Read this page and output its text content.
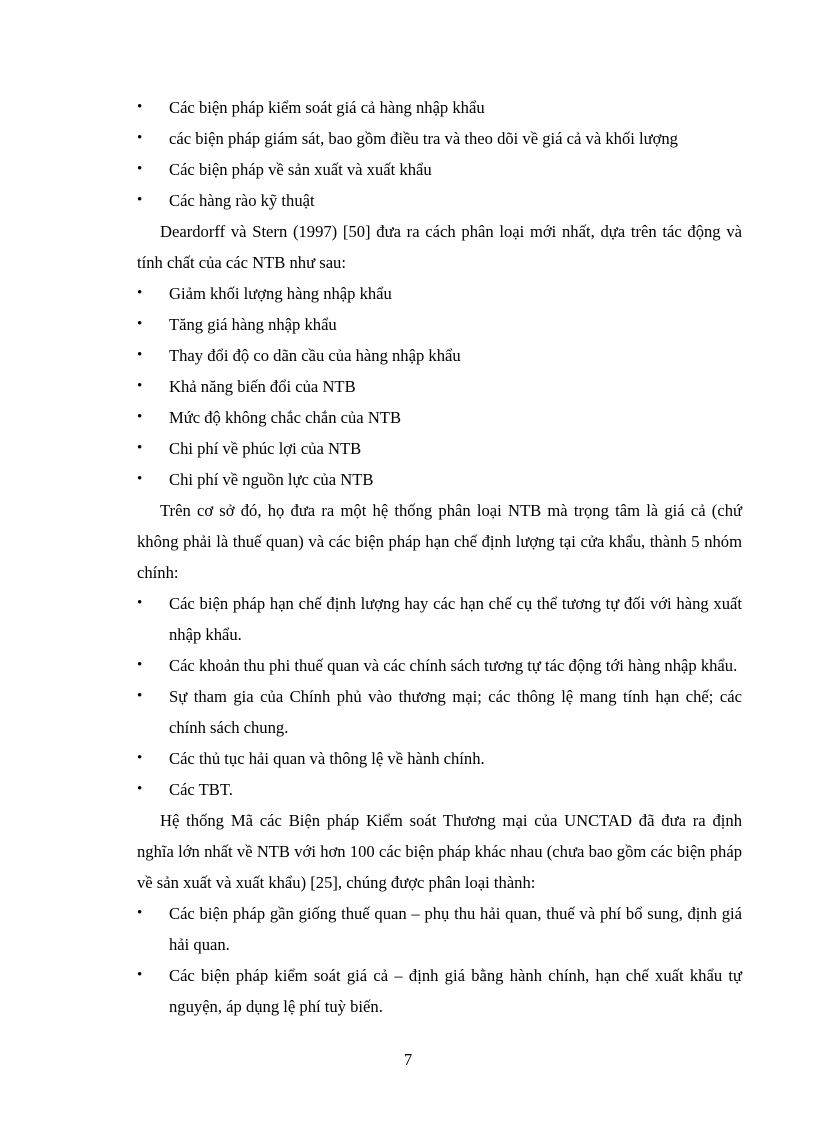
•
Các biện pháp kiểm soát giá cả hàng nhập khẩu
•
các biện pháp giám sát, bao gồm điều tra và theo dõi về giá cả và khối lượng
•
Các biện pháp về sản xuất và xuất khẩu
•
Các hàng rào kỹ thuật

Deardorff và Stern (1997) [50] đưa ra cách phân loại mới nhất, dựa trên tác động và tính chất của các NTB như sau:

•
Giảm khối lượng hàng nhập khẩu
•
Tăng giá hàng nhập khẩu
•
Thay đổi độ co dãn cầu của hàng nhập khẩu
•
Khả năng biến đổi của NTB
•
Mức độ không chắc chắn của NTB
•
Chi phí về phúc lợi của NTB
•
Chi phí về nguồn lực của NTB

Trên cơ sở đó, họ đưa ra một hệ thống phân loại NTB mà trọng tâm là giá cả (chứ không phải là thuế quan) và các biện pháp hạn chế định lượng tại cửa khẩu, thành 5 nhóm chính:

•
Các biện pháp hạn chế định lượng hay các hạn chế cụ thể tương tự đối với hàng xuất nhập khẩu.
•
Các khoản thu phi thuế quan và các chính sách tương tự tác động tới hàng nhập khẩu.
•
Sự tham gia của Chính phủ vào thương mại; các thông lệ mang tính hạn chế; các chính sách chung.
•
Các thủ tục hải quan và thông lệ về hành chính.
•
Các TBT.

Hệ thống Mã các Biện pháp Kiểm soát Thương mại của UNCTAD đã đưa ra định nghĩa lớn nhất về NTB với hơn 100 các biện pháp khác nhau (chưa bao gồm các biện pháp về sản xuất và xuất khẩu) [25], chúng được phân loại thành:

•
Các biện pháp gần giống thuế quan – phụ thu hải quan, thuế và phí bổ sung, định giá hải quan.
•
Các biện pháp kiểm soát giá cả – định giá bằng hành chính, hạn chế xuất khẩu tự nguyện, áp dụng lệ phí tuỳ biến.
7
